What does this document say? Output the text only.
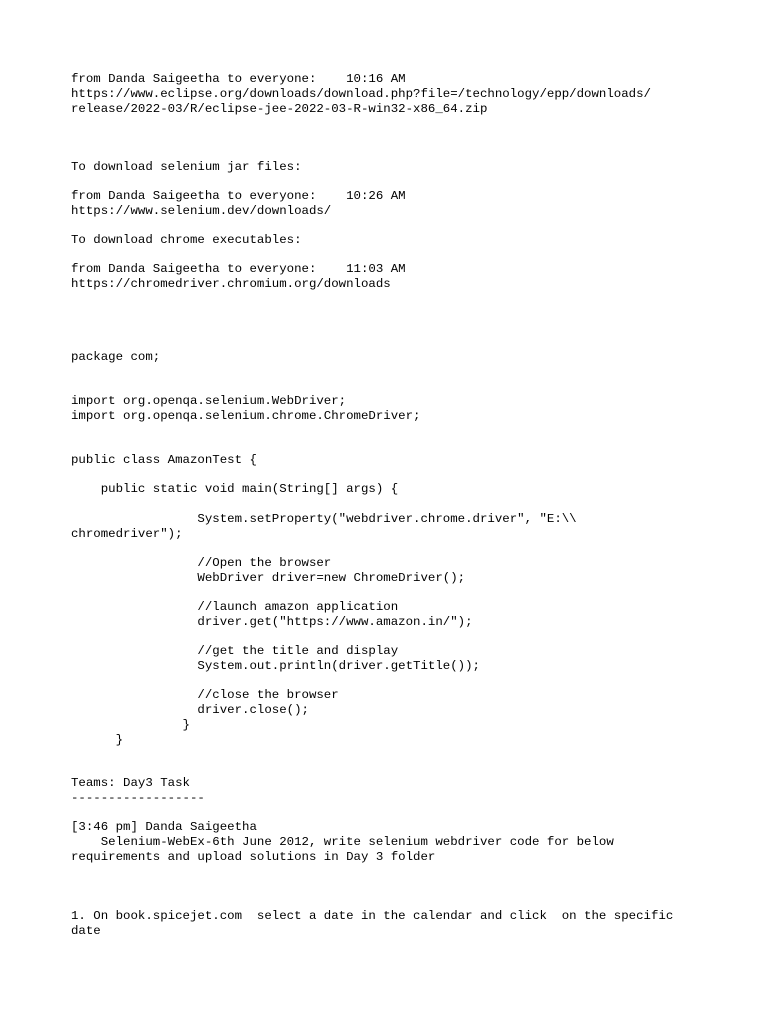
from Danda Saigeetha to everyone:    10:16 AM
https://www.eclipse.org/downloads/download.php?file=/technology/epp/downloads/
release/2022-03/R/eclipse-jee-2022-03-R-win32-x86_64.zip
To download selenium jar files:
from Danda Saigeetha to everyone:    10:26 AM
https://www.selenium.dev/downloads/
To download chrome executables:
from Danda Saigeetha to everyone:    11:03 AM
https://chromedriver.chromium.org/downloads
package com;
import org.openqa.selenium.WebDriver;
import org.openqa.selenium.chrome.ChromeDriver;
public class AmazonTest {
public static void main(String[] args) {
System.setProperty("webdriver.chrome.driver", "E:\\
chromedriver");
//Open the browser
WebDriver driver=new ChromeDriver();
//launch amazon application
driver.get("https://www.amazon.in/");
//get the title and display
System.out.println(driver.getTitle());
//close the browser
driver.close();
}
}
Teams: Day3 Task
------------------
[3:46 pm] Danda Saigeetha
Selenium-WebEx-6th June 2012, write selenium webdriver code for below
requirements and upload solutions in Day 3 folder
1. On book.spicejet.com  select a date in the calendar and click  on the specific
date
